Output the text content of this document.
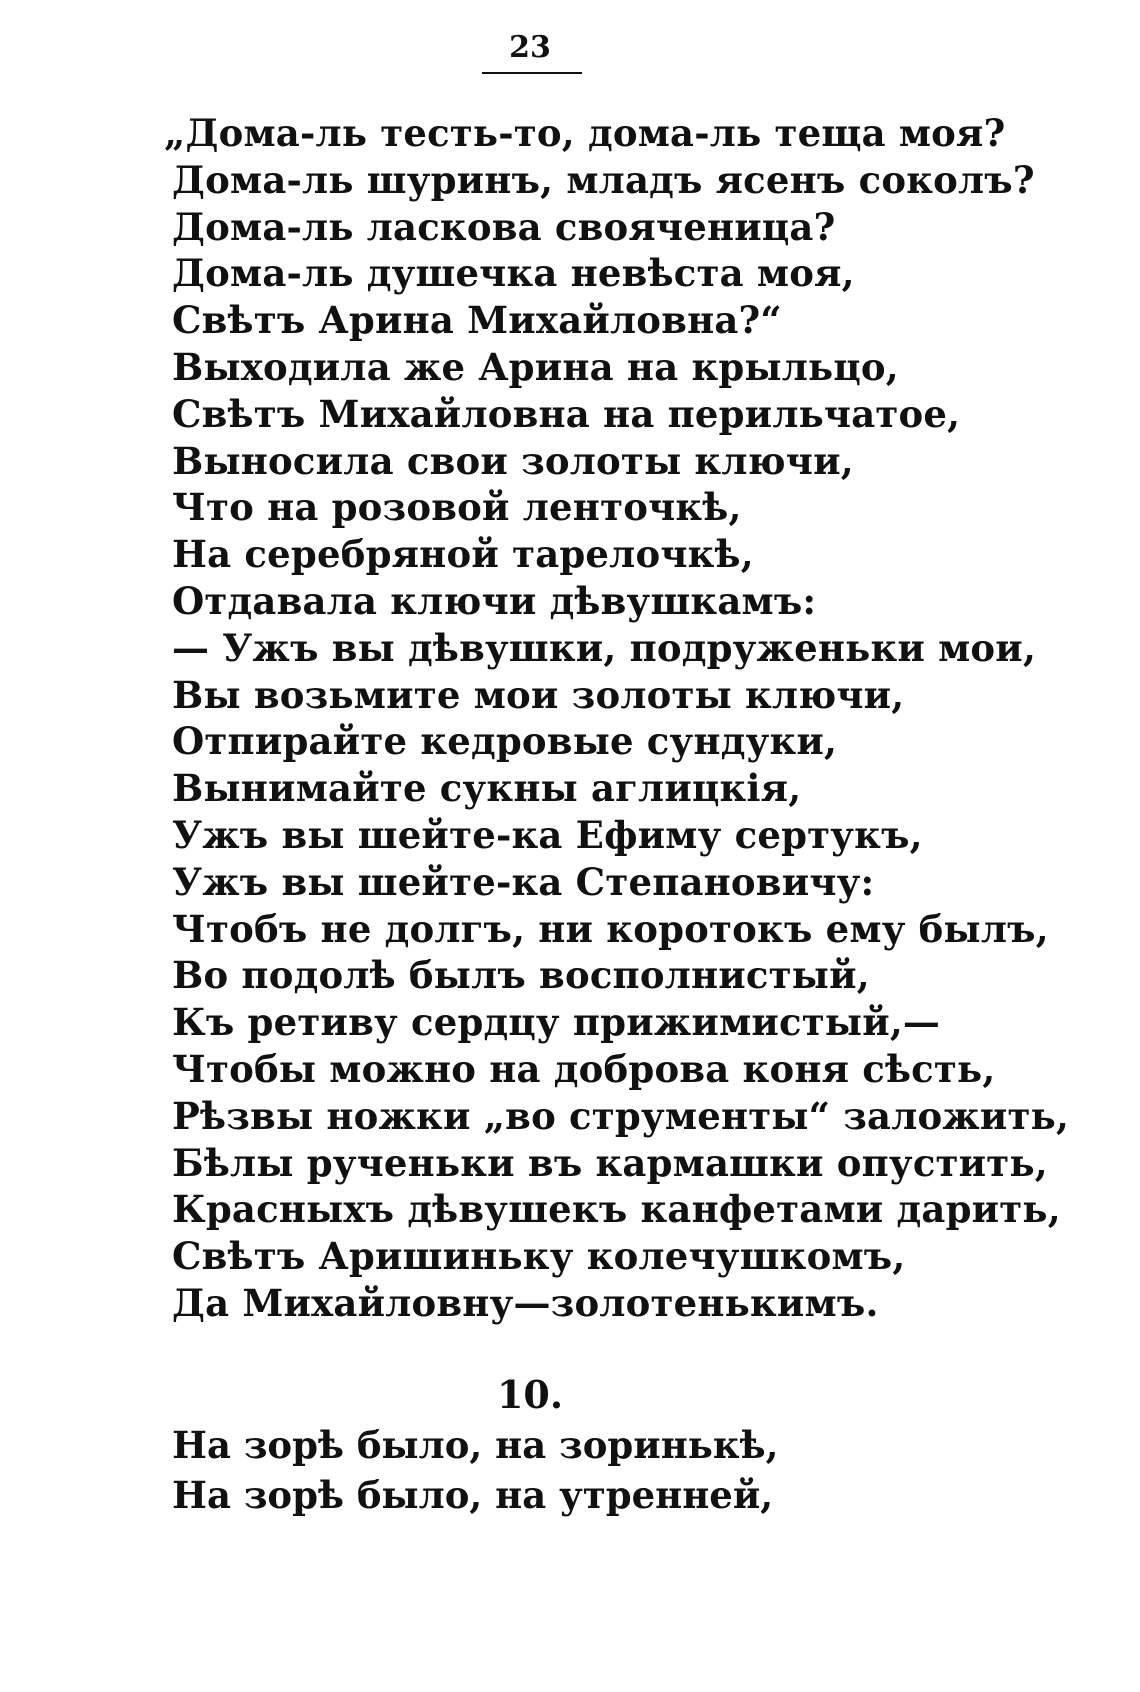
23
„Дома-ль тесть-то, дома-ль теща моя?
Дома-ль шуринъ, младъ ясенъ соколъ?
Дома-ль ласкова свояченица?
Дома-ль душечка невѣста моя,
Свѣтъ Арина Михайловна?“
Выходила же Арина на крыльцо,
Свѣтъ Михайловна на перильчатое,
Выносила свои золоты ключи,
Что на розовой ленточкѣ,
На серебряной тарелочкѣ,
Отдавала ключи дѣвушкамъ:
— Ужъ вы дѣвушки, подруженьки мои,
Вы возьмите мои золоты ключи,
Отпирайте кедровые сундуки,
Вынимайте сукны аглицкія,
Ужъ вы шейте-ка Ефиму сертукъ,
Ужъ вы шейте-ка Степановичу:
Чтобъ не долгъ, ни коротокъ ему былъ,
Во подолѣ былъ восполнистый,
Къ ретиву сердцу прижимистый,—
Чтобы можно на доброва коня сѣсть,
Рѣзвы ножки „во струменты“ заложить,
Бѣлы рученьки въ кармашки опустить,
Красныхъ дѣвушекъ канфетами дарить,
Свѣтъ Аришиньку колечушкомъ,
Да Михайловну—золотенькимъ.
10.
На зорѣ было, на зоринькѣ,
На зорѣ было, на утренней,
